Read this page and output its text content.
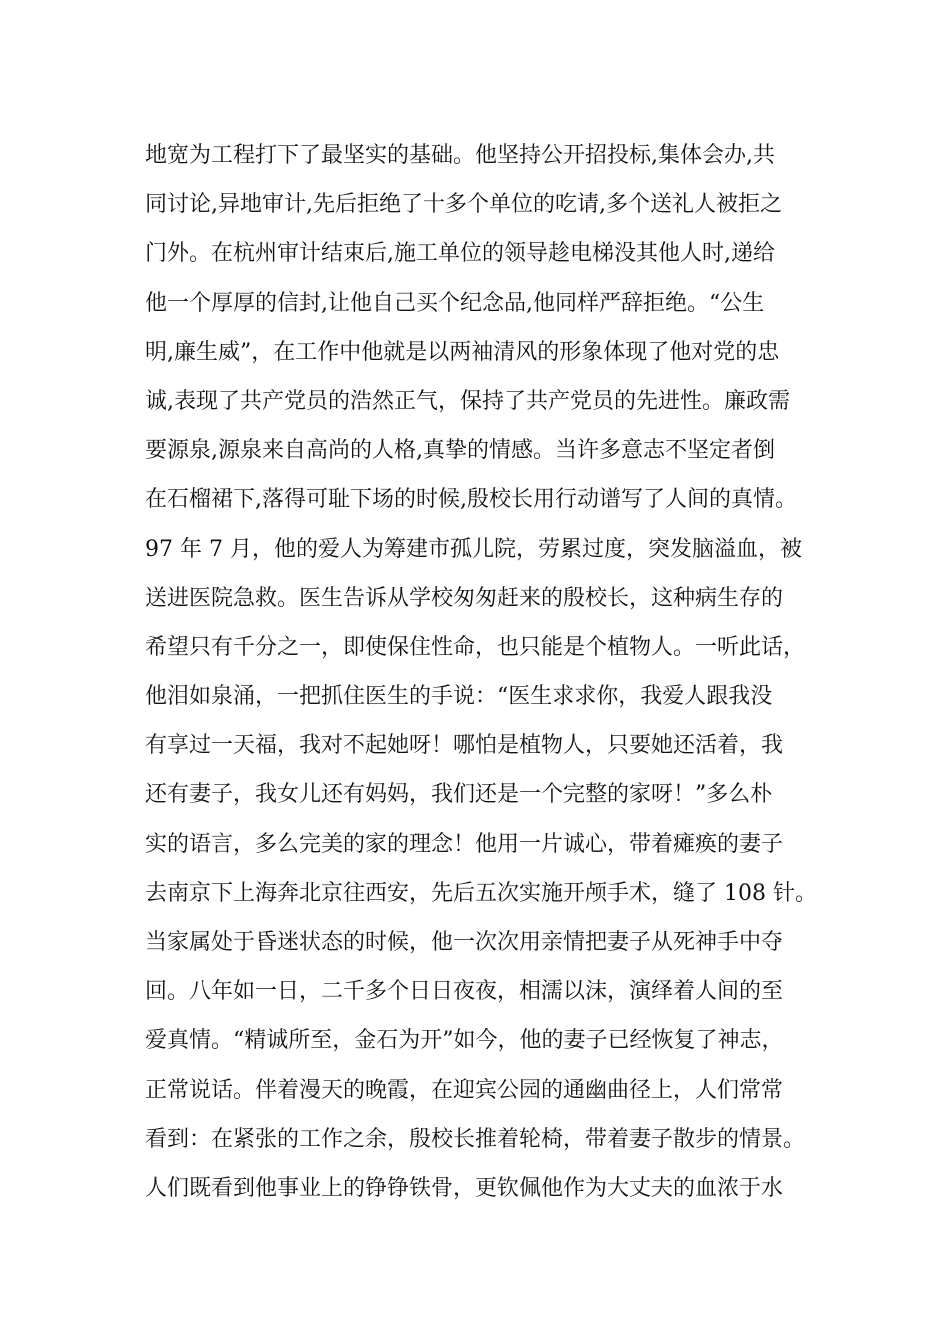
地宽为工程打下了最坚实的基础。他坚持公开招投标,集体会办,共
同讨论,异地审计,先后拒绝了十多个单位的吃请,多个送礼人被拒之
门外。在杭州审计结束后,施工单位的领导趁电梯没其他人时,递给
他一个厚厚的信封,让他自己买个纪念品,他同样严辞拒绝。“公生
明,廉生威”，在工作中他就是以两袖清风的形象体现了他对党的忠
诚,表现了共产党员的浩然正气，保持了共产党员的先进性。廉政需
要源泉,源泉来自高尚的人格,真挚的情感。当许多意志不坚定者倒
在石榴裙下,落得可耻下场的时候,殷校长用行动谱写了人间的真情。
97 年 7 月，他的爱人为筹建市孤儿院，劳累过度，突发脑溢血，被
送进医院急救。医生告诉从学校匆匆赶来的殷校长，这种病生存的
希望只有千分之一，即使保住性命，也只能是个植物人。一听此话，
他泪如泉涌，一把抓住医生的手说：“医生求求你，我爱人跟我没
有享过一天福，我对不起她呀！哪怕是植物人，只要她还活着，我
还有妻子，我女儿还有妈妈，我们还是一个完整的家呀！”多么朴
实的语言，多么完美的家的理念！他用一片诚心，带着瘫痪的妻子
去南京下上海奔北京往西安，先后五次实施开颅手术，缝了 108 针。
当家属处于昏迷状态的时候，他一次次用亲情把妻子从死神手中夺
回。八年如一日，二千多个日日夜夜，相濡以沫，演绎着人间的至
爱真情。“精诚所至，金石为开”如今，他的妻子已经恢复了神志，
正常说话。伴着漫天的晚霞，在迎宾公园的通幽曲径上，人们常常
看到：在紧张的工作之余，殷校长推着轮椅，带着妻子散步的情景。
人们既看到他事业上的铮铮铁骨，更钦佩他作为大丈夫的血浓于水
